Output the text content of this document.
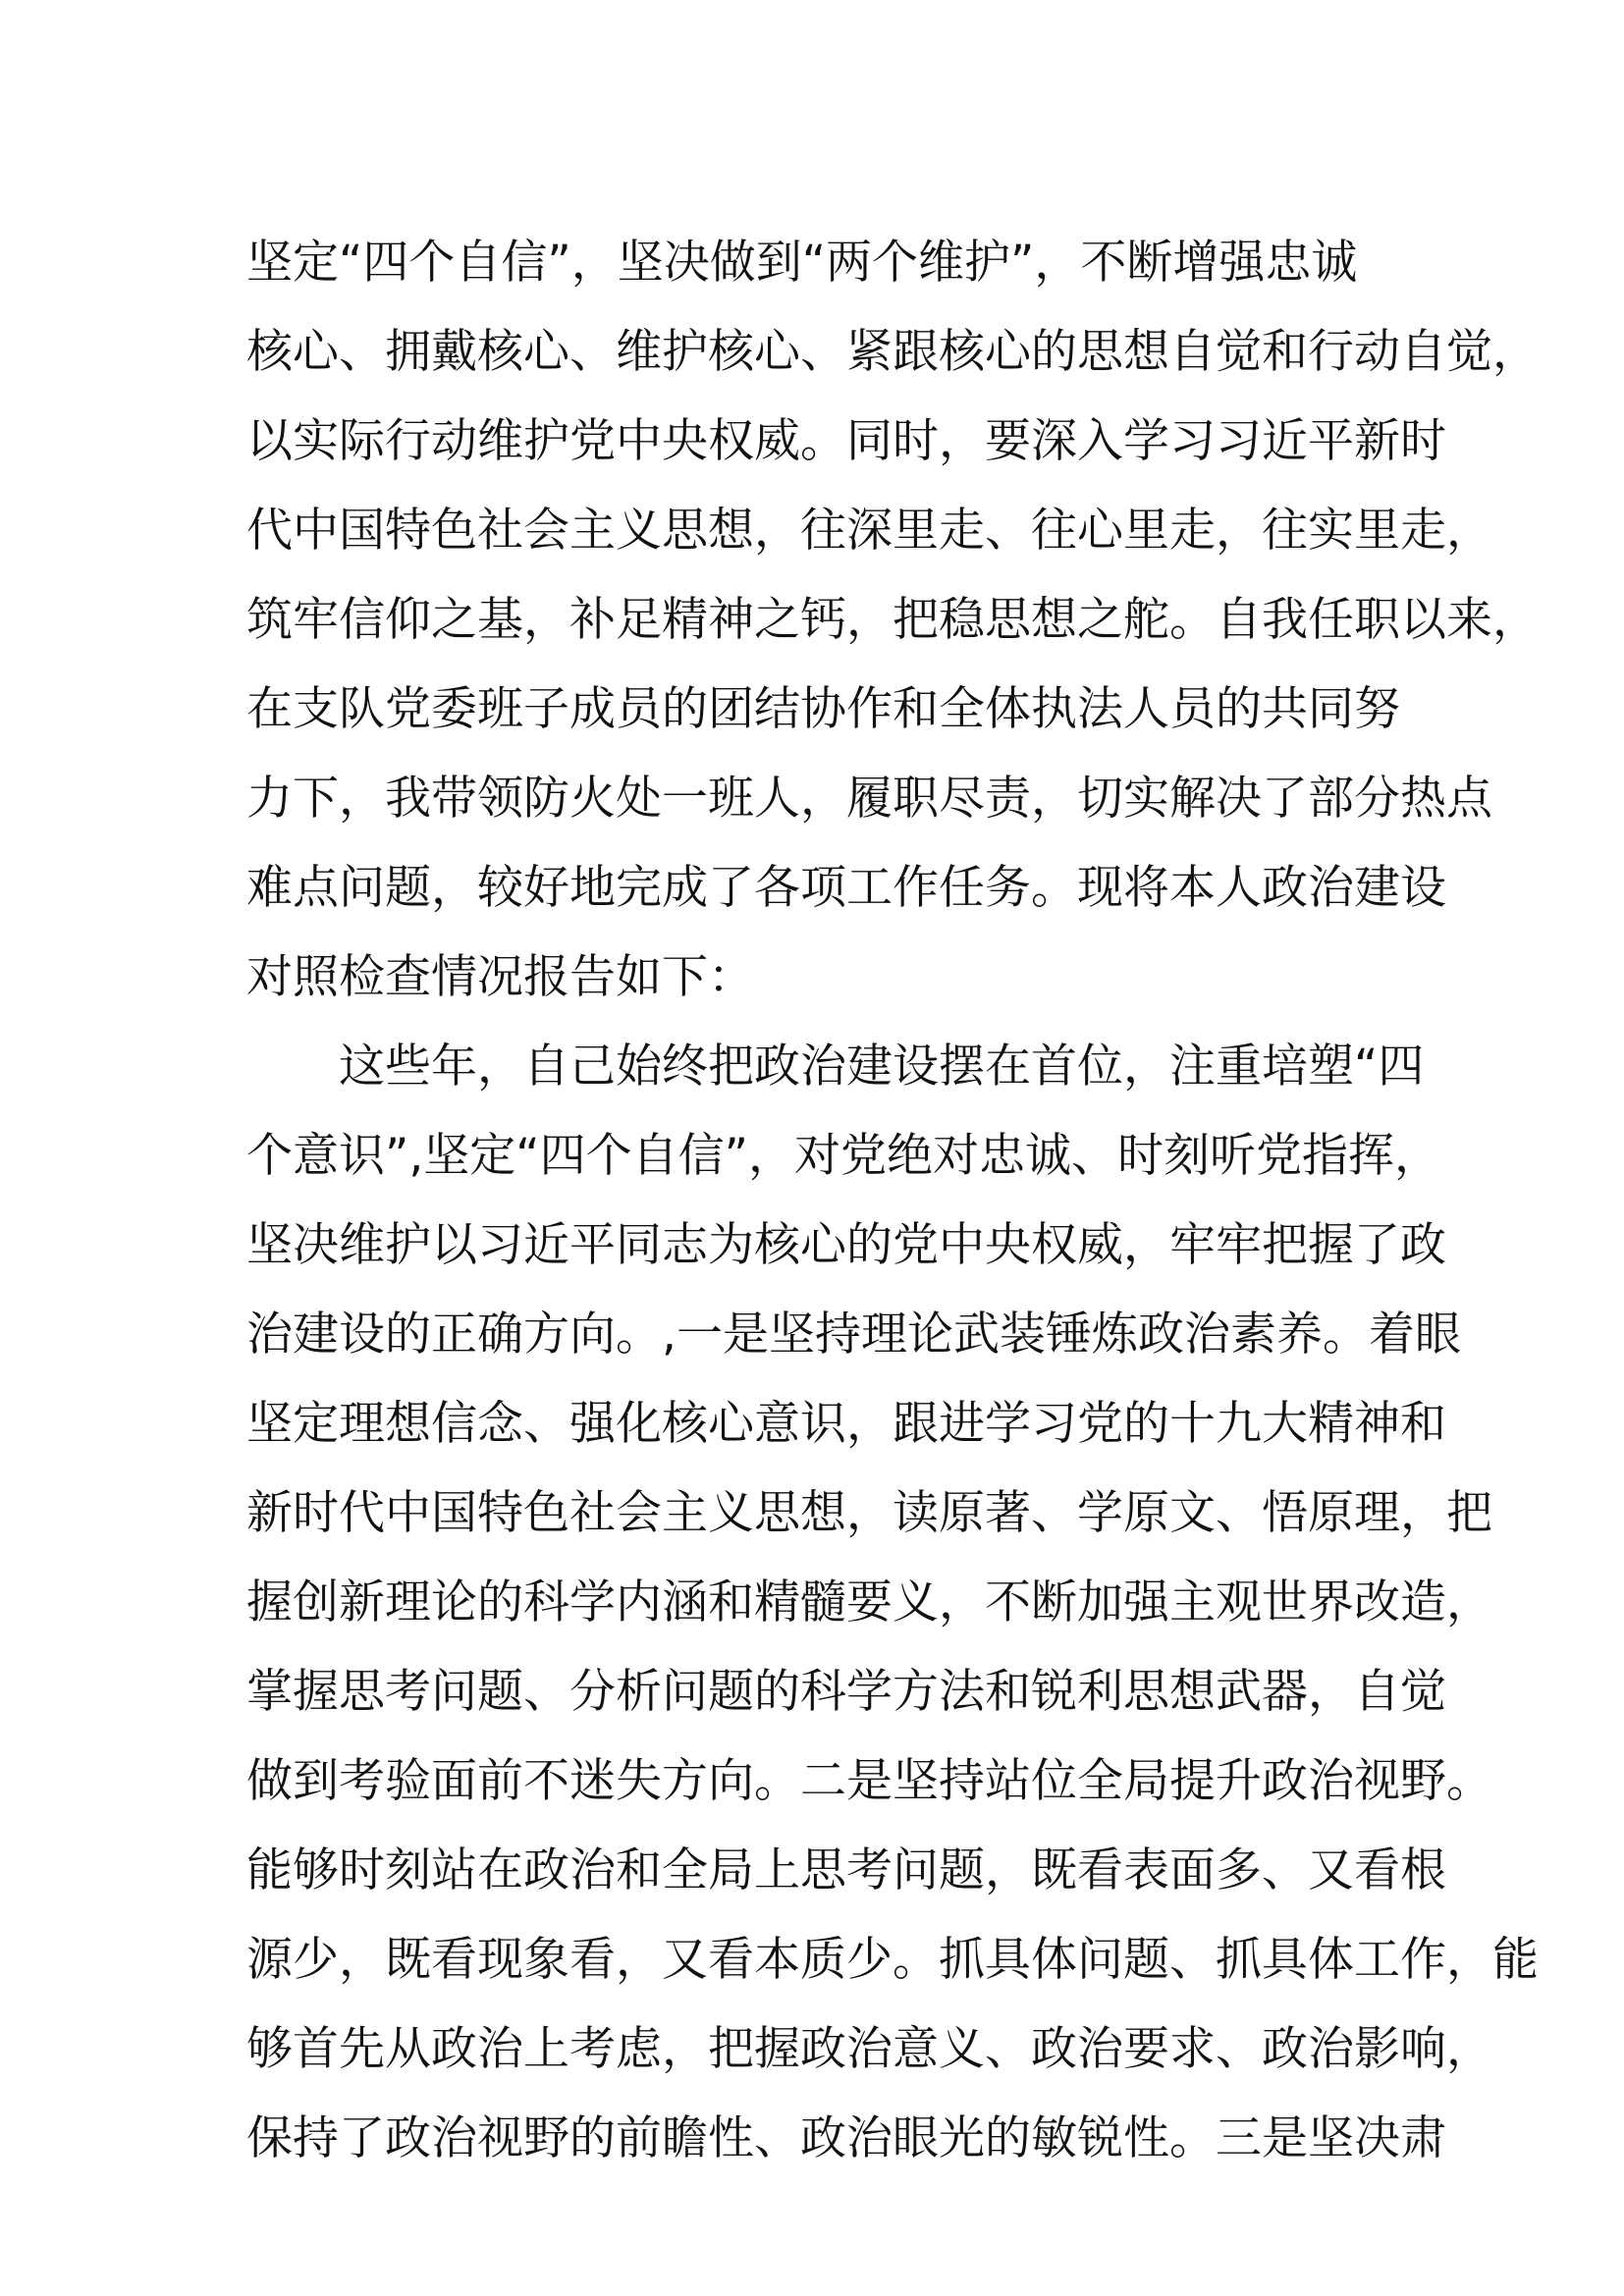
坚定“四个自信”，坚决做到“两个维护”，不断增强忠诚
核心、拥戴核心、维护核心、紧跟核心的思想自觉和行动自觉，
以实际行动维护党中央权威。同时，要深入学习习近平新时
代中国特色社会主义思想，往深里走、往心里走，往实里走，
筑牢信仰之基，补足精神之钙，把稳思想之舵。自我任职以来，
在支队党委班子成员的团结协作和全体执法人员的共同努
力下，我带领防火处一班人，履职尽责，切实解决了部分热点
难点问题，较好地完成了各项工作任务。现将本人政治建设
对照检查情况报告如下：
　　这些年，自己始终把政治建设摆在首位，注重培塑“四
个意识”,坚定“四个自信”，对党绝对忠诚、时刻听党指挥，
坚决维护以习近平同志为核心的党中央权威，牢牢把握了政
治建设的正确方向。,一是坚持理论武装锤炼政治素养。着眼
坚定理想信念、强化核心意识，跟进学习党的十九大精神和
新时代中国特色社会主义思想，读原著、学原文、悟原理，把
握创新理论的科学内涵和精髓要义，不断加强主观世界改造，
掌握思考问题、分析问题的科学方法和锐利思想武器，自觉
做到考验面前不迷失方向。二是坚持站位全局提升政治视野。
能够时刻站在政治和全局上思考问题，既看表面多、又看根
源少，既看现象看，又看本质少。抓具体问题、抓具体工作，能
够首先从政治上考虑，把握政治意义、政治要求、政治影响，
保持了政治视野的前瞻性、政治眼光的敏锐性。三是坚决肃
